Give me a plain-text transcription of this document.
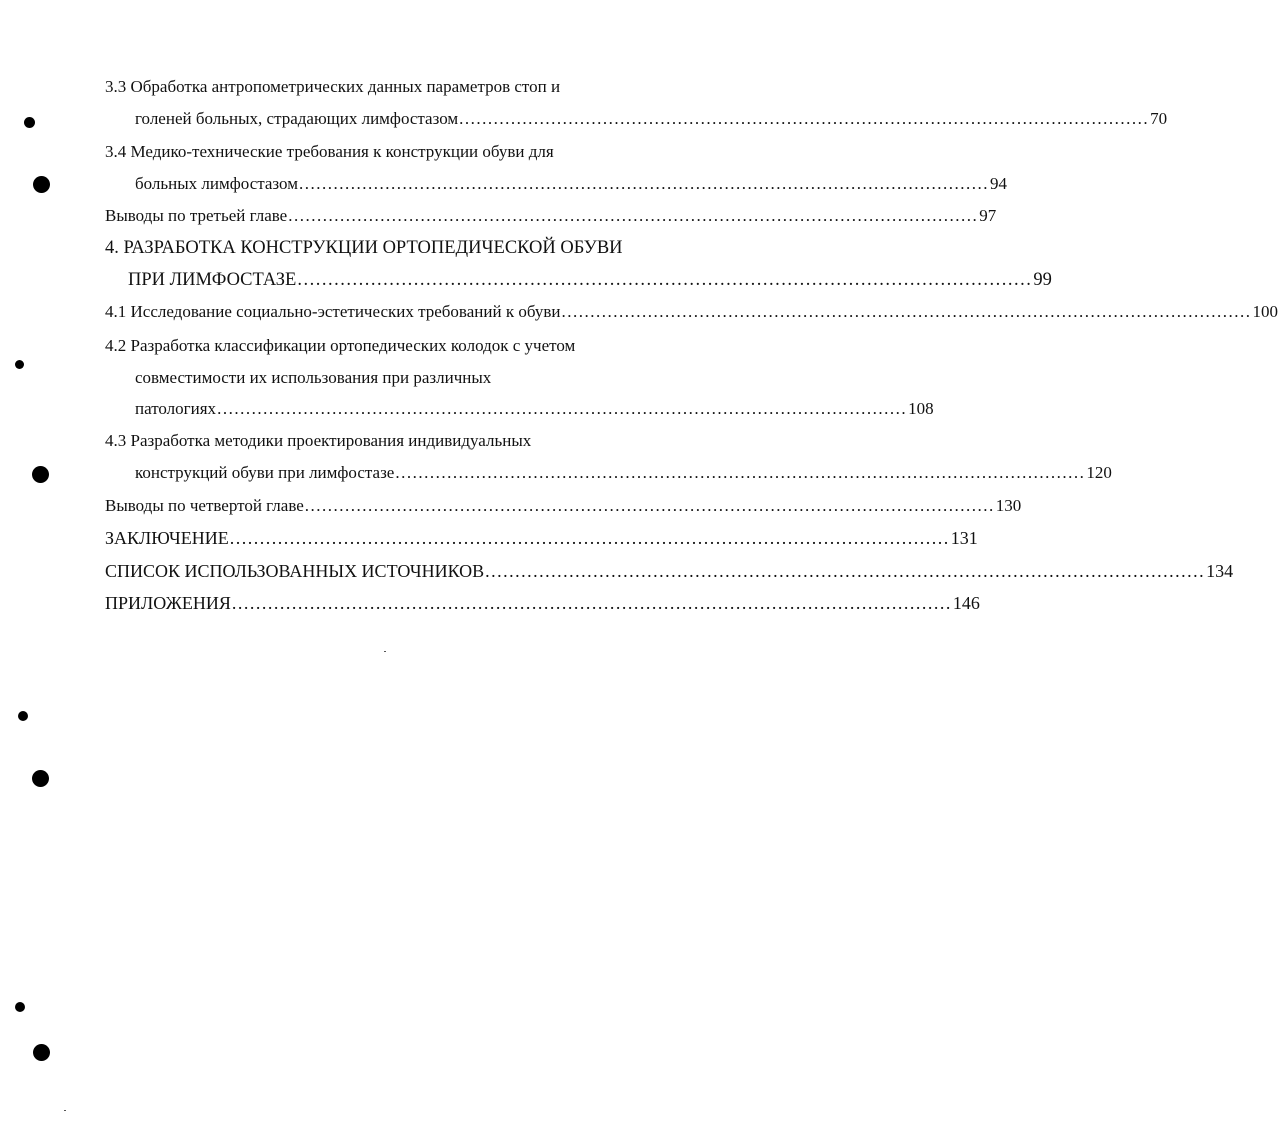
3.3 Обработка антропометрических данных параметров стоп и
голеней больных, страдающих лимфостазом ........................................................................................................................ 70
3.4 Медико-технические требования к конструкции обуви для
больных лимфостазом ........................................................................................................................ 94
Выводы по третьей главе ........................................................................................................................ 97
4. РАЗРАБОТКА КОНСТРУКЦИИ ОРТОПЕДИЧЕСКОЙ ОБУВИ
ПРИ ЛИМФОСТАЗЕ ........................................................................................................................ 99
4.1 Исследование социально-эстетических требований к обуви ........................................................................................................................ 100
4.2 Разработка классификации ортопедических колодок с учетом
совместимости их использования при различных
патологиях ........................................................................................................................ 108
4.3 Разработка методики проектирования индивидуальных
конструкций обуви при лимфостазе ........................................................................................................................ 120
Выводы по четвертой главе ........................................................................................................................ 130
ЗАКЛЮЧЕНИЕ ........................................................................................................................ 131
СПИСОК ИСПОЛЬЗОВАННЫХ ИСТОЧНИКОВ ........................................................................................................................ 134
ПРИЛОЖЕНИЯ ........................................................................................................................ 146
